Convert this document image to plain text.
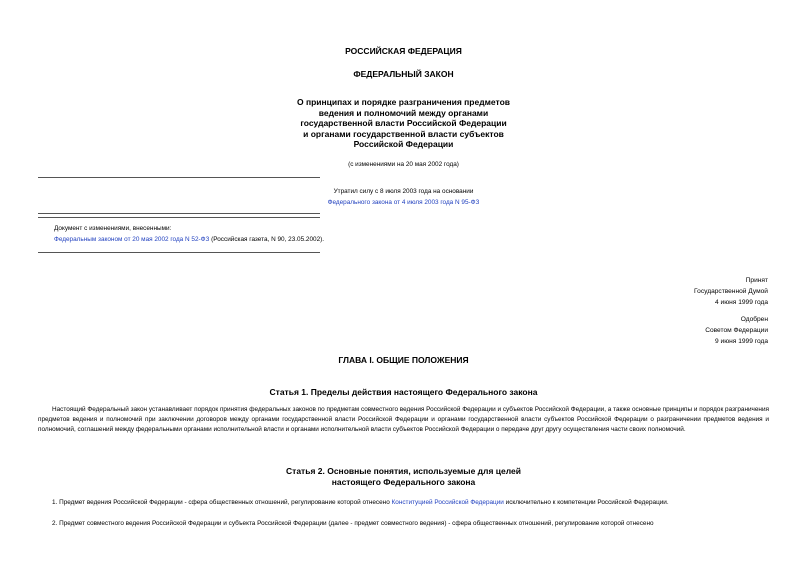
РОССИЙСКАЯ ФЕДЕРАЦИЯ
ФЕДЕРАЛЬНЫЙ ЗАКОН
О принципах и порядке разграничения предметов
ведения и полномочий между органами
государственной власти Российской Федерации
и органами государственной власти субъектов
Российской Федерации
(с изменениями на 20 мая 2002 года)
Утратил силу с 8 июля 2003 года на основании
Федерального закона от 4 июля 2003 года N 95-ФЗ
Документ с изменениями, внесенными:
Федеральным законом от 20 мая 2002 года N 52-ФЗ (Российская газета, N 90, 23.05.2002).
Принят
Государственной Думой
4 июня 1999 года
Одобрен
Советом Федерации
9 июня 1999 года
ГЛАВА I. ОБЩИЕ ПОЛОЖЕНИЯ
Статья 1. Пределы действия настоящего Федерального закона
Настоящий Федеральный закон устанавливает порядок принятия федеральных законов по предметам совместного ведения Российской Федерации и субъектов Российской Федерации, а также основные принципы и порядок разграничения предметов ведения и полномочий при заключении договоров между органами государственной власти Российской Федерации и органами государственной власти субъектов Российской Федерации о разграничении предметов ведения и полномочий, соглашений между федеральными органами исполнительной власти и органами исполнительной власти субъектов Российской Федерации о передаче друг другу осуществления части своих полномочий.
Статья 2. Основные понятия, используемые для целей
настоящего Федерального закона
1. Предмет ведения Российской Федерации - сфера общественных отношений, регулирование которой отнесено Конституцией Российской Федерации исключительно к компетенции Российской Федерации.
2. Предмет совместного ведения Российской Федерации и субъекта Российской Федерации (далее - предмет совместного ведения) - сфера общественных отношений, регулирование которой отнесено
